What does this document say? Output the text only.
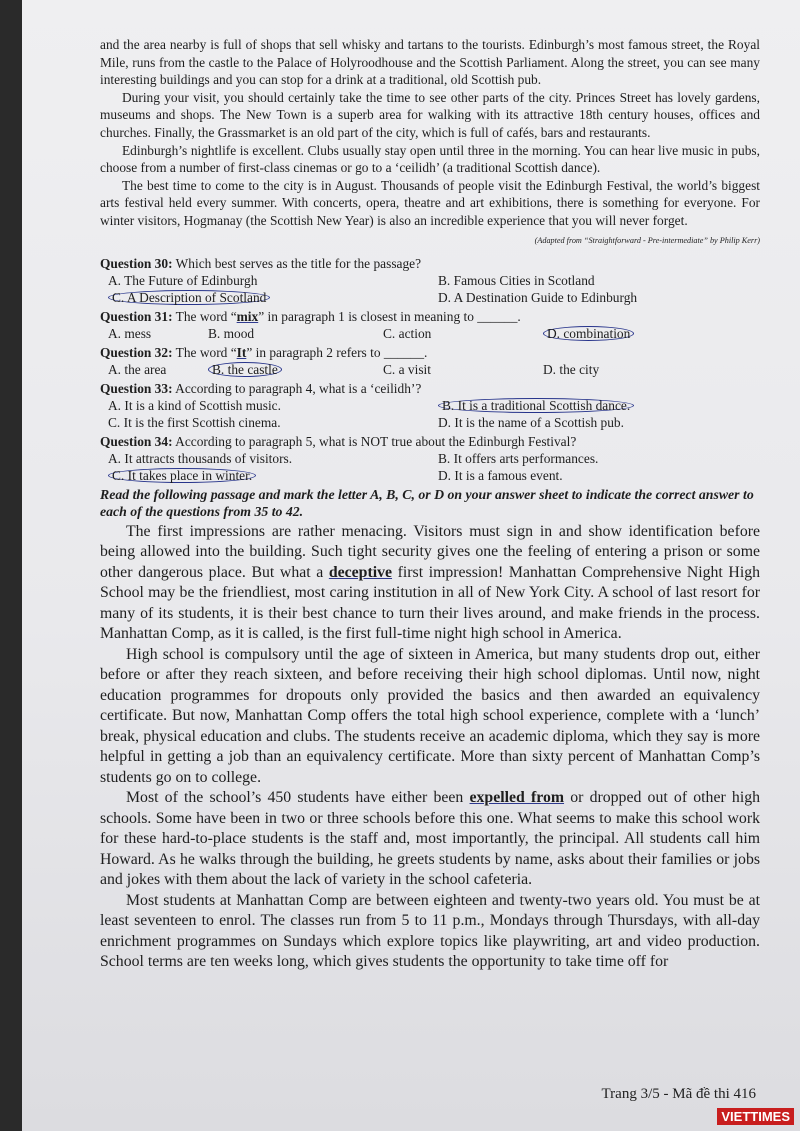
and the area nearby is full of shops that sell whisky and tartans to the tourists. Edinburgh’s most famous street, the Royal Mile, runs from the castle to the Palace of Holyroodhouse and the Scottish Parliament. Along the street, you can see many interesting buildings and you can stop for a drink at a traditional, old Scottish pub.

During your visit, you should certainly take the time to see other parts of the city. Princes Street has lovely gardens, museums and shops. The New Town is a superb area for walking with its attractive 18th century houses, offices and churches. Finally, the Grassmarket is an old part of the city, which is full of cafés, bars and restaurants.

Edinburgh’s nightlife is excellent. Clubs usually stay open until three in the morning. You can hear live music in pubs, choose from a number of first-class cinemas or go to a ‘ceilidh’ (a traditional Scottish dance).

The best time to come to the city is in August. Thousands of people visit the Edinburgh Festival, the world’s biggest arts festival held every summer. With concerts, opera, theatre and art exhibitions, there is something for everyone. For winter visitors, Hogmanay (the Scottish New Year) is also an incredible experience that you will never forget.

(Adapted from “Straightforward - Pre-intermediate” by Philip Kerr)
Question 30: Which best serves as the title for the passage?
A. The Future of Edinburgh	B. Famous Cities in Scotland
C. A Description of Scotland	D. A Destination Guide to Edinburgh
Question 31: The word “mix” in paragraph 1 is closest in meaning to ______.
A. mess	B. mood	C. action	D. combination
Question 32: The word “It” in paragraph 2 refers to ______.
A. the area	B. the castle	C. a visit	D. the city
Question 33: According to paragraph 4, what is a ‘ceilidh’?
A. It is a kind of Scottish music.	B. It is a traditional Scottish dance.
C. It is the first Scottish cinema.	D. It is the name of a Scottish pub.
Question 34: According to paragraph 5, what is NOT true about the Edinburgh Festival?
A. It attracts thousands of visitors.	B. It offers arts performances.
C. It takes place in winter.	D. It is a famous event.
Read the following passage and mark the letter A, B, C, or D on your answer sheet to indicate the correct answer to each of the questions from 35 to 42.

The first impressions are rather menacing. Visitors must sign in and show identification before being allowed into the building. Such tight security gives one the feeling of entering a prison or some other dangerous place. But what a deceptive first impression! Manhattan Comprehensive Night High School may be the friendliest, most caring institution in all of New York City. A school of last resort for many of its students, it is their best chance to turn their lives around, and make friends in the process. Manhattan Comp, as it is called, is the first full-time night high school in America.

High school is compulsory until the age of sixteen in America, but many students drop out, either before or after they reach sixteen, and before receiving their high school diplomas. Until now, night education programmes for dropouts only provided the basics and then awarded an equivalency certificate. But now, Manhattan Comp offers the total high school experience, complete with a ‘lunch’ break, physical education and clubs. The students receive an academic diploma, which they say is more helpful in getting a job than an equivalency certificate. More than sixty percent of Manhattan Comp’s students go on to college.

Most of the school’s 450 students have either been expelled from or dropped out of other high schools. Some have been in two or three schools before this one. What seems to make this school work for these hard-to-place students is the staff and, most importantly, the principal. All students call him Howard. As he walks through the building, he greets students by name, asks about their families or jobs and jokes with them about the lack of variety in the school cafeteria.

Most students at Manhattan Comp are between eighteen and twenty-two years old. You must be at least seventeen to enrol. The classes run from 5 to 11 p.m., Mondays through Thursdays, with all-day enrichment programmes on Sundays which explore topics like playwriting, art and video production. School terms are ten weeks long, which gives students the opportunity to take time off for

Trang 3/5 - Mã đề thi 416
VIETTIMES
